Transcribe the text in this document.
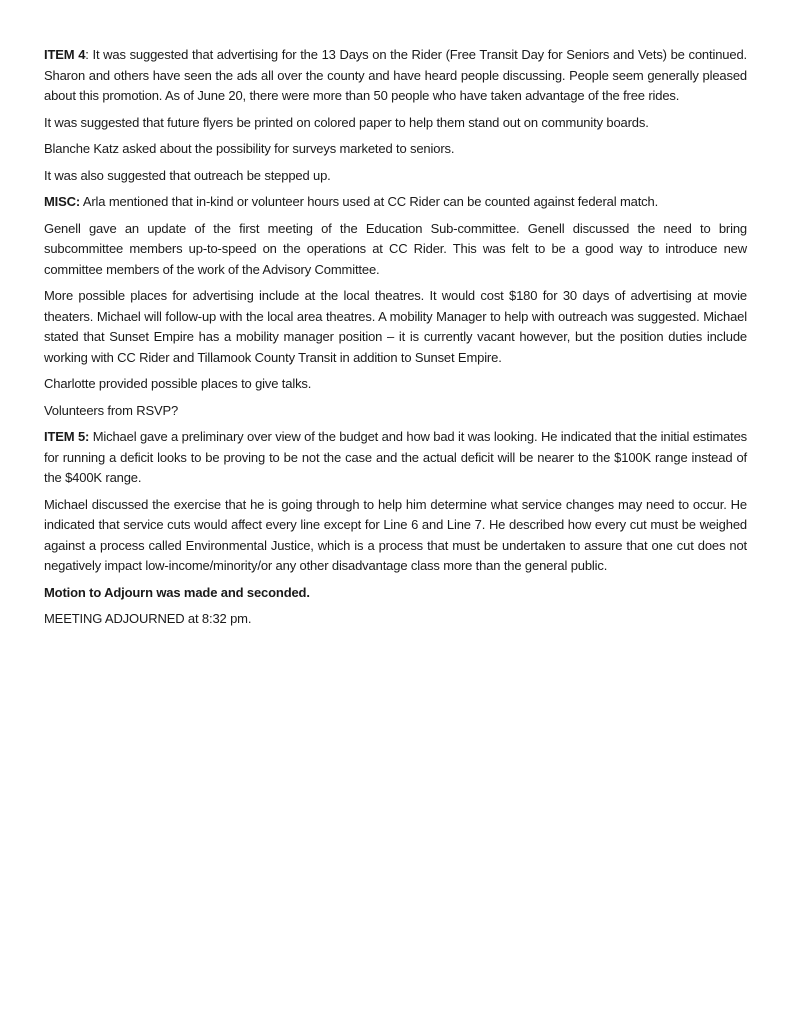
ITEM 4: It was suggested that advertising for the 13 Days on the Rider (Free Transit Day for Seniors and Vets) be continued. Sharon and others have seen the ads all over the county and have heard people discussing. People seem generally pleased about this promotion. As of June 20, there were more than 50 people who have taken advantage of the free rides.

It was suggested that future flyers be printed on colored paper to help them stand out on community boards.

Blanche Katz asked about the possibility for surveys marketed to seniors.

It was also suggested that outreach be stepped up.

MISC: Arla mentioned that in-kind or volunteer hours used at CC Rider can be counted against federal match.

Genell gave an update of the first meeting of the Education Sub-committee. Genell discussed the need to bring subcommittee members up-to-speed on the operations at CC Rider. This was felt to be a good way to introduce new committee members of the work of the Advisory Committee.

More possible places for advertising include at the local theatres. It would cost $180 for 30 days of advertising at movie theaters. Michael will follow-up with the local area theatres. A mobility Manager to help with outreach was suggested. Michael stated that Sunset Empire has a mobility manager position – it is currently vacant however, but the position duties include working with CC Rider and Tillamook County Transit in addition to Sunset Empire.

Charlotte provided possible places to give talks.

Volunteers from RSVP?

ITEM 5: Michael gave a preliminary over view of the budget and how bad it was looking. He indicated that the initial estimates for running a deficit looks to be proving to be not the case and the actual deficit will be nearer to the $100K range instead of the $400K range.

Michael discussed the exercise that he is going through to help him determine what service changes may need to occur. He indicated that service cuts would affect every line except for Line 6 and Line 7. He described how every cut must be weighed against a process called Environmental Justice, which is a process that must be undertaken to assure that one cut does not negatively impact low-income/minority/or any other disadvantage class more than the general public.

Motion to Adjourn was made and seconded.

MEETING ADJOURNED at 8:32 pm.
